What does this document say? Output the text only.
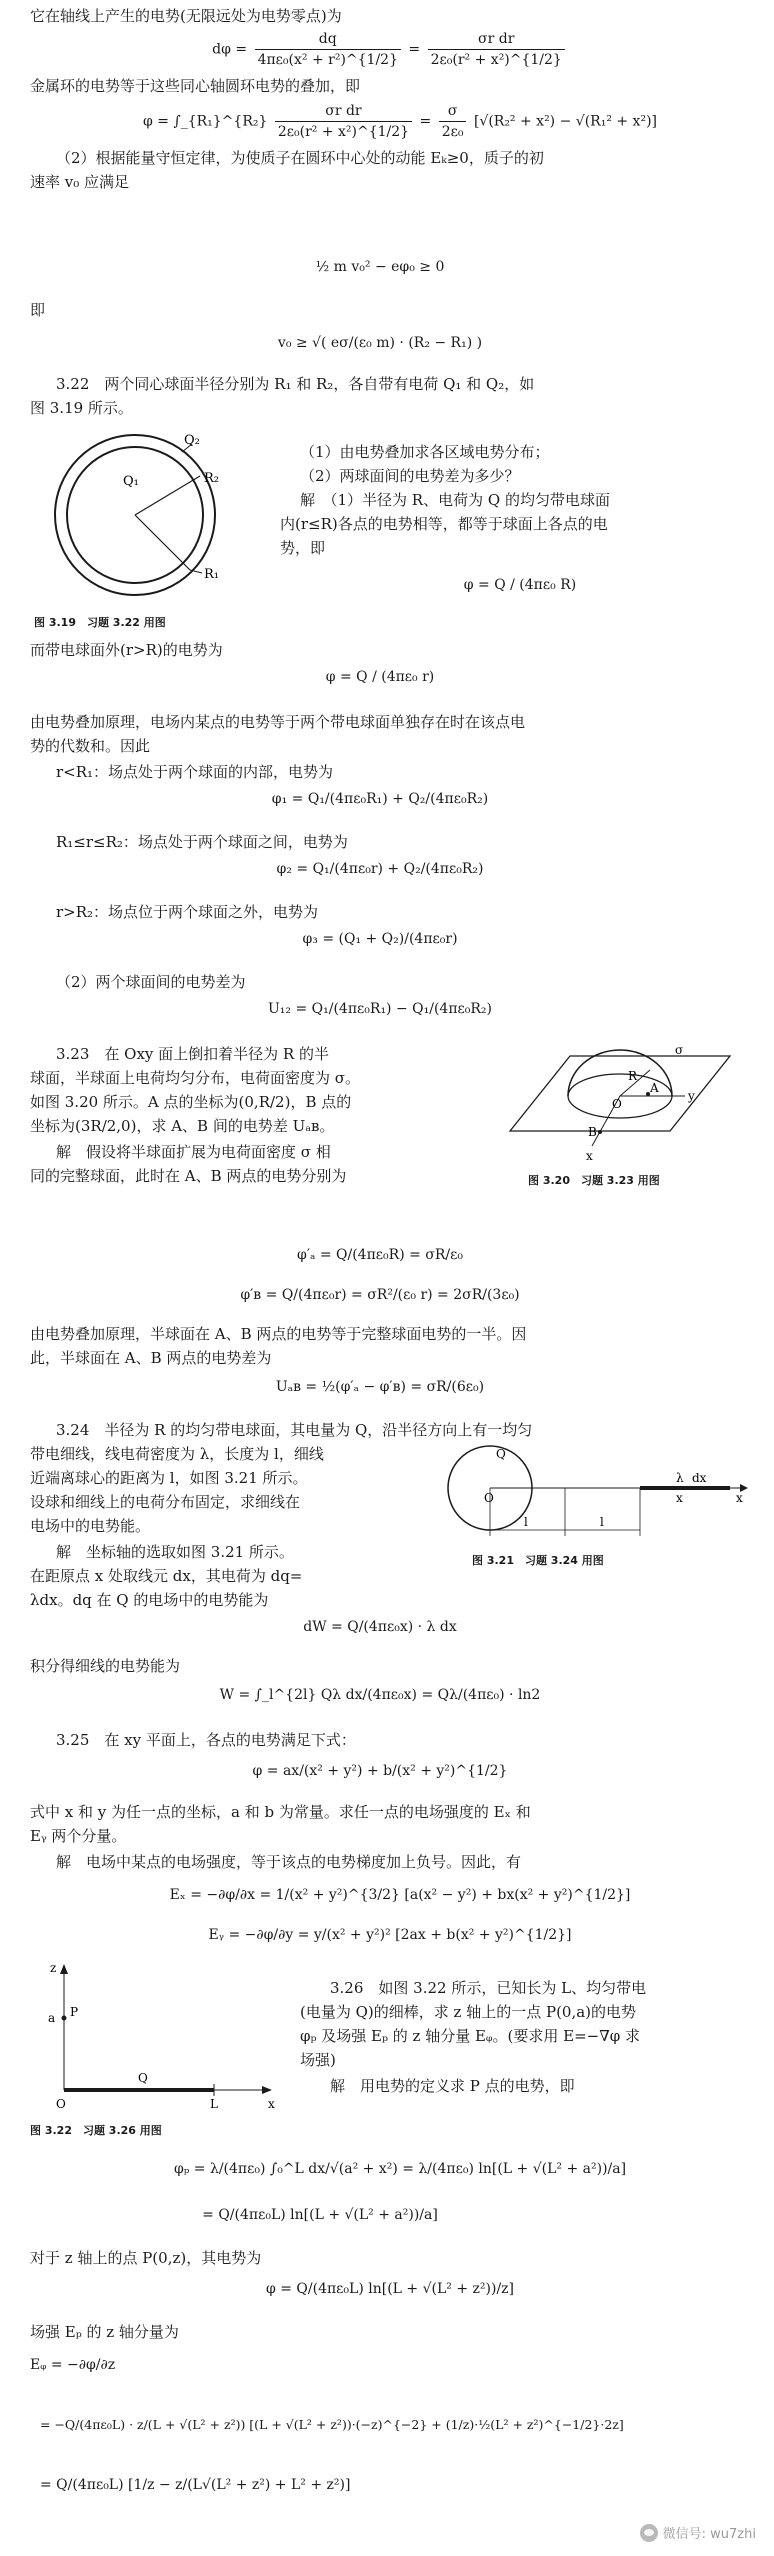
它在轴线上产生的电势(无限远处为电势零点)为
$d\varphi = \frac{dq}{\text{4πε₀(x² + r²)\textasciicircum{}\{1/2\}}} = \frac{\text{σr dr}}{\text{2ε₀(r² + x²)\textasciicircum{}\{1/2\}}}$
金属环的电势等于这些同心轴圆环电势的叠加，即
φ = ∫_{R₁}^{R₂} $\frac{\text{σr dr}}{\text{2ε₀(r² + x²)\textasciicircum{}\{1/2\}}} = \frac{\sigma}{\text{2ε₀}} [√(R_2^2 + x^2) - √(R_1^2 + x^2)]$
（2）根据能量守恒定律，为使质子在圆环中心处的动能 Eₖ≥0，质子的初
速率 v₀ 应满足
½ m v₀² − eφ₀ ≥ 0
即
v₀ ≥ √( eσ/(ε₀ m) · (R₂ − R₁) )
3.22　两个同心球面半径分别为 R₁ 和 R₂，各自带有电荷 Q₁ 和 Q₂，如
图 3.19 所示。
Q₁
Q₂
R₂
R₁
图 3.19　习题 3.22 用图
（1）由电势叠加求各区域电势分布；
（2）两球面间的电势差为多少？
解　（1）半径为 R、电荷为 Q 的均匀带电球面
内(r≤R)各点的电势相等，都等于球面上各点的电
势，即
φ = Q / (4πε₀ R)
而带电球面外(r>R)的电势为
φ = Q / (4πε₀ r)
由电势叠加原理，电场内某点的电势等于两个带电球面单独存在时在该点电
势的代数和。因此
r<R₁：场点处于两个球面的内部，电势为
φ₁ = Q₁/(4πε₀R₁) + Q₂/(4πε₀R₂)
R₁≤r≤R₂：场点处于两个球面之间，电势为
φ₂ = Q₁/(4πε₀r) + Q₂/(4πε₀R₂)
r>R₂：场点位于两个球面之外，电势为
φ₃ = (Q₁ + Q₂)/(4πε₀r)
（2）两个球面间的电势差为
U₁₂ = Q₁/(4πε₀R₁) − Q₁/(4πε₀R₂)
3.23　在 Oxy 面上倒扣着半径为 R 的半
球面，半球面上电荷均匀分布，电荷面密度为 σ。
如图 3.20 所示。A 点的坐标为(0,R/2)，B 点的
坐标为(3R/2,0)，求 A、B 间的电势差 Uₐʙ。
解　假设将半球面扩展为电荷面密度 σ 相
同的完整球面，此时在 A、B 两点的电势分别为
σ
R
A
O
B
x
y
图 3.20　习题 3.23 用图
φ′ₐ = Q/(4πε₀R) = σR/ε₀
φ′ʙ = Q/(4πε₀r) = σR²/(ε₀ r) = 2σR/(3ε₀)
由电势叠加原理，半球面在 A、B 两点的电势等于完整球面电势的一半。因
此，半球面在 A、B 两点的电势差为
Uₐʙ = ½(φ′ₐ − φ′ʙ) = σR/(6ε₀)
3.24　半径为 R 的均匀带电球面，其电量为 Q，沿半径方向上有一均匀
带电细线，线电荷密度为 λ，长度为 l，细线
近端离球心的距离为 l，如图 3.21 所示。
设球和细线上的电荷分布固定，求细线在
电场中的电势能。
解　坐标轴的选取如图 3.21 所示。
在距原点 x 处取线元 dx，其电荷为 dq=
λdx。dq 在 Q 的电场中的电势能为
Q
O
λ dx
x	x
l	l
图 3.21　习题 3.24 用图
dW = Q/(4πε₀x) · λ dx
积分得细线的电势能为
W = ∫_l^{2l} Qλ dx/(4πε₀x) = Qλ/(4πε₀) · ln2
3.25　在 xy 平面上，各点的电势满足下式：
φ = ax/(x² + y²) + b/(x² + y²)^{1/2}
式中 x 和 y 为任一点的坐标，a 和 b 为常量。求任一点的电场强度的 Eₓ 和
Eᵧ 两个分量。
解　电场中某点的电场强度，等于该点的电势梯度加上负号。因此，有
Eₓ = −∂φ/∂x = 1/(x² + y²)^{3/2} [a(x² − y²) + bx(x² + y²)^{1/2}]
Eᵧ = −∂φ/∂y = y/(x² + y²)² [2ax + b(x² + y²)^{1/2}]
z
a P
Q
O	L	x
图 3.22　习题 3.26 用图
3.26　如图 3.22 所示，已知长为 L、均匀带电
(电量为 Q)的细棒，求 z 轴上的一点 P(0,a)的电势
φₚ 及场强 Eₚ 的 z 轴分量 Eᵩ。(要求用 E=−∇φ 求
场强)
解　用电势的定义求 P 点的电势，即
φₚ = λ/(4πε₀) ∫₀^L dx/√(a² + x²) = λ/(4πε₀) ln[(L + √(L² + a²))/a]
= Q/(4πε₀L) ln[(L + √(L² + a²))/a]
对于 z 轴上的点 P(0,z)，其电势为
φ = Q/(4πε₀L) ln[(L + √(L² + z²))/z]
场强 Eₚ 的 z 轴分量为
Eᵩ = −∂φ/∂z
= −Q/(4πε₀L) · z/(L + √(L² + z²)) [(L + √(L² + z²))·(−z)^{−2} + (1/z)·½(L² + z²)^{−1/2}·2z]
= Q/(4πε₀L) [1/z − z/(L√(L² + z²) + L² + z²)]
微信号: wu7zhi
